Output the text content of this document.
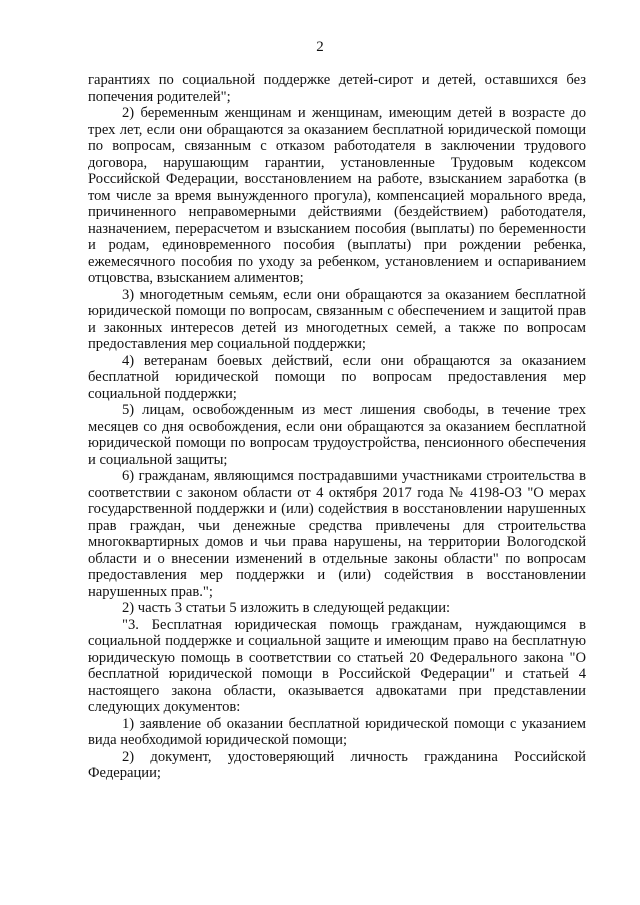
2

гарантиях по социальной поддержке детей-сирот и детей, оставшихся без попечения родителей";

2) беременным женщинам и женщинам, имеющим детей в возрасте до трех лет, если они обращаются за оказанием бесплатной юридической помощи по вопросам, связанным с отказом работодателя в заключении трудового договора, нарушающим гарантии, установленные Трудовым кодексом Российской Федерации, восстановлением на работе, взысканием заработка (в том числе за время вынужденного прогула), компенсацией морального вреда, причиненного неправомерными действиями (бездействием) работодателя, назначением, перерасчетом и взысканием пособия (выплаты) по беременности и родам, единовременного пособия (выплаты) при рождении ребенка, ежемесячного пособия по уходу за ребенком, установлением и оспариванием отцовства, взысканием алиментов;

3) многодетным семьям, если они обращаются за оказанием бесплатной юридической помощи по вопросам, связанным с обеспечением и защитой прав и законных интересов детей из многодетных семей, а также по вопросам предоставления мер социальной поддержки;

4) ветеранам боевых действий, если они обращаются за оказанием бесплатной юридической помощи по вопросам предоставления мер социальной поддержки;

5) лицам, освобожденным из мест лишения свободы, в течение трех месяцев со дня освобождения, если они обращаются за оказанием бесплатной юридической помощи по вопросам трудоустройства, пенсионного обеспечения и социальной защиты;

6) гражданам, являющимся пострадавшими участниками строительства в соответствии с законом области от 4 октября 2017 года № 4198-ОЗ "О мерах государственной поддержки и (или) содействия в восстановлении нарушенных прав граждан, чьи денежные средства привлечены для строительства многоквартирных домов и чьи права нарушены, на территории Вологодской области и о внесении изменений в отдельные законы области" по вопросам предоставления мер поддержки и (или) содействия в восстановлении нарушенных прав.";

2) часть 3 статьи 5 изложить в следующей редакции:

"3. Бесплатная юридическая помощь гражданам, нуждающимся в социальной поддержке и социальной защите и имеющим право на бесплатную юридическую помощь в соответствии со статьей 20 Федерального закона "О бесплатной юридической помощи в Российской Федерации" и статьей 4 настоящего закона области, оказывается адвокатами при представлении следующих документов:

1) заявление об оказании бесплатной юридической помощи с указанием вида необходимой юридической помощи;

2) документ, удостоверяющий личность гражданина Российской Федерации;
